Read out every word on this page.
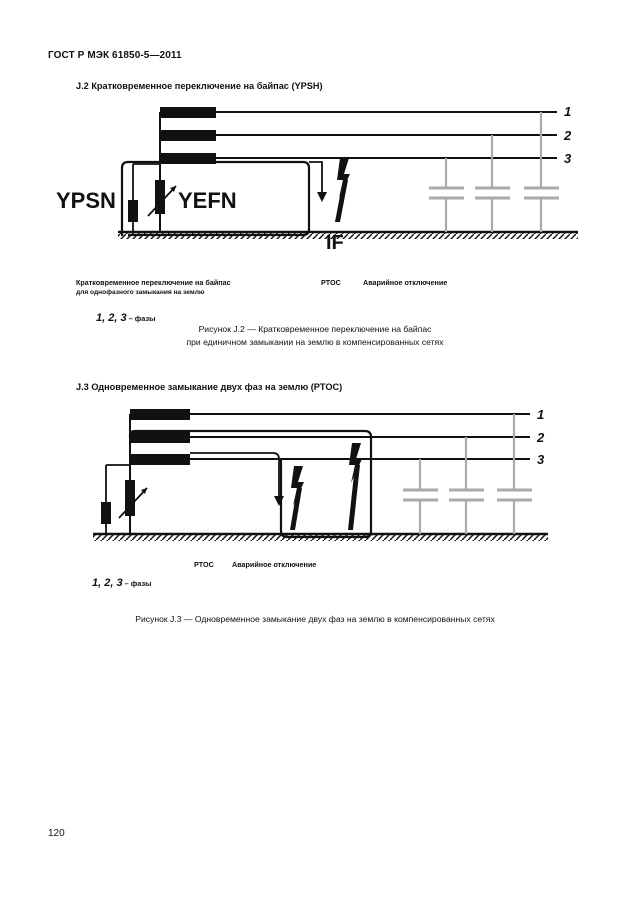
ГОСТ Р МЭК 61850-5—2011
J.2 Кратковременное переключение на байпас (YPSH)
YPSN	YEFN
IF
1
2
3
1
2
3
Кратковременное переключение на байпас
для однофазного замыкания на землю
PTOC	Аварийное отключение
1, 2, 3 – фазы
Рисунок J.2 — Кратковременное переключение на байпас
при единичном замыкании на землю в компенсированных сетях
J.3 Одновременное замыкание двух фаз на землю (PTOC)
PTOC	Аварийное отключение
1, 2, 3 – фазы
Рисунок J.3 — Одновременное замыкание двух фаз на землю в компенсированных сетях
120
